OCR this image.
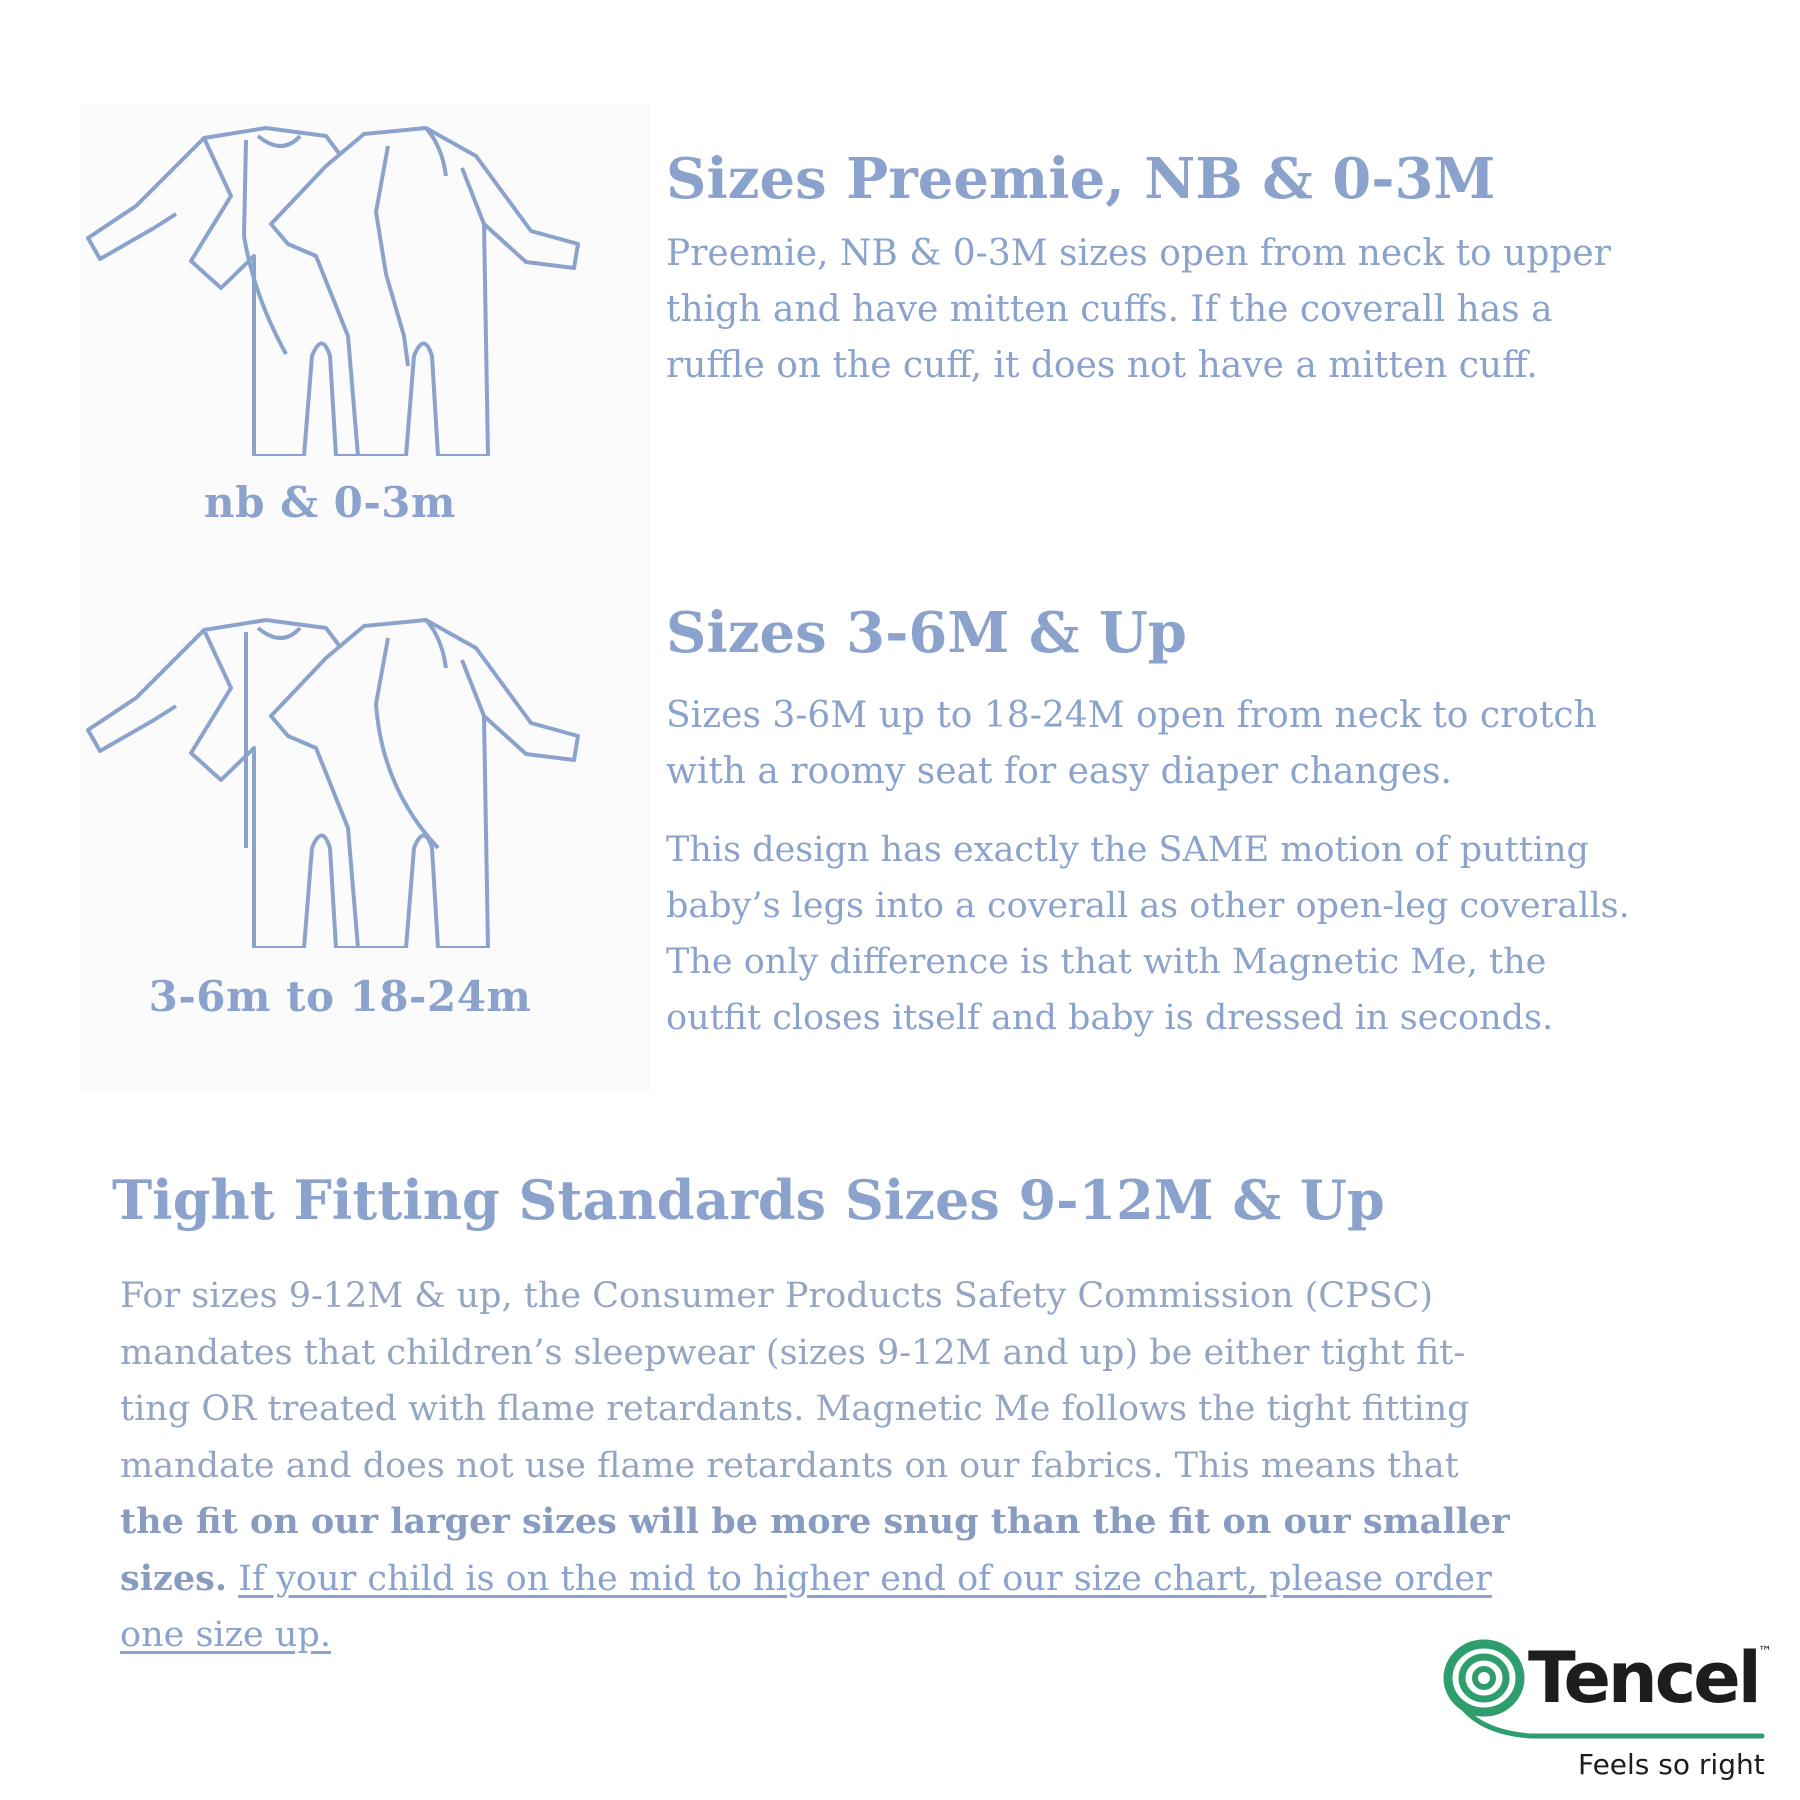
nb & 0-3m
3-6m to 18-24m
Sizes Preemie, NB & 0-3M
Preemie, NB & 0-3M sizes open from neck to upper
thigh and have mitten cuffs. If the coverall has a
ruffle on the cuff, it does not have a mitten cuff.
Sizes 3-6M & Up
Sizes 3-6M up to 18-24M open from neck to crotch
with a roomy seat for easy diaper changes.
This design has exactly the SAME motion of putting
baby’s legs into a coverall as other open-leg coveralls.
The only difference is that with Magnetic Me, the
outfit closes itself and baby is dressed in seconds.
Tight Fitting Standards Sizes 9-12M & Up
For sizes 9-12M & up, the Consumer Products Safety Commission (CPSC)
mandates that children’s sleepwear (sizes 9-12M and up) be either tight fit-
ting OR treated with flame retardants. Magnetic Me follows the tight fitting
mandate and does not use flame retardants on our fabrics. This means that
the fit on our larger sizes will be more snug than the fit on our smaller
sizes. If your child is on the mid to higher end of our size chart, please order
one size up.
Tencel ™
Feels so right
